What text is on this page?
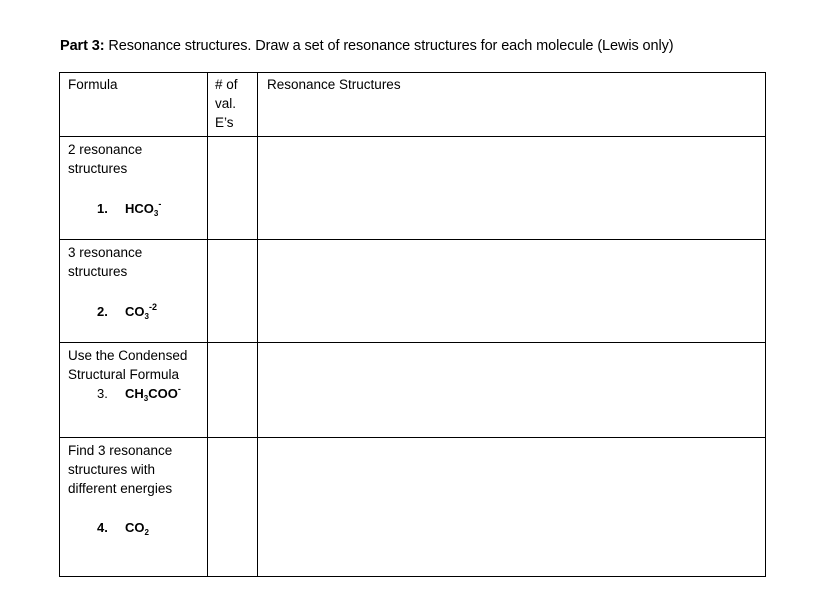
Part 3: Resonance structures. Draw a set of resonance structures for each molecule (Lewis only)
Formula	# of
val.
E’s	Resonance Structures

2 resonance
structures
1. $HCO_3^-$

3 resonance
structures
2. $CO_3^{-2}$

Use the Condensed
Structural Formula
3. $CH_3COO^-$

Find 3 resonance
structures with
different energies
4. $CO_2$
